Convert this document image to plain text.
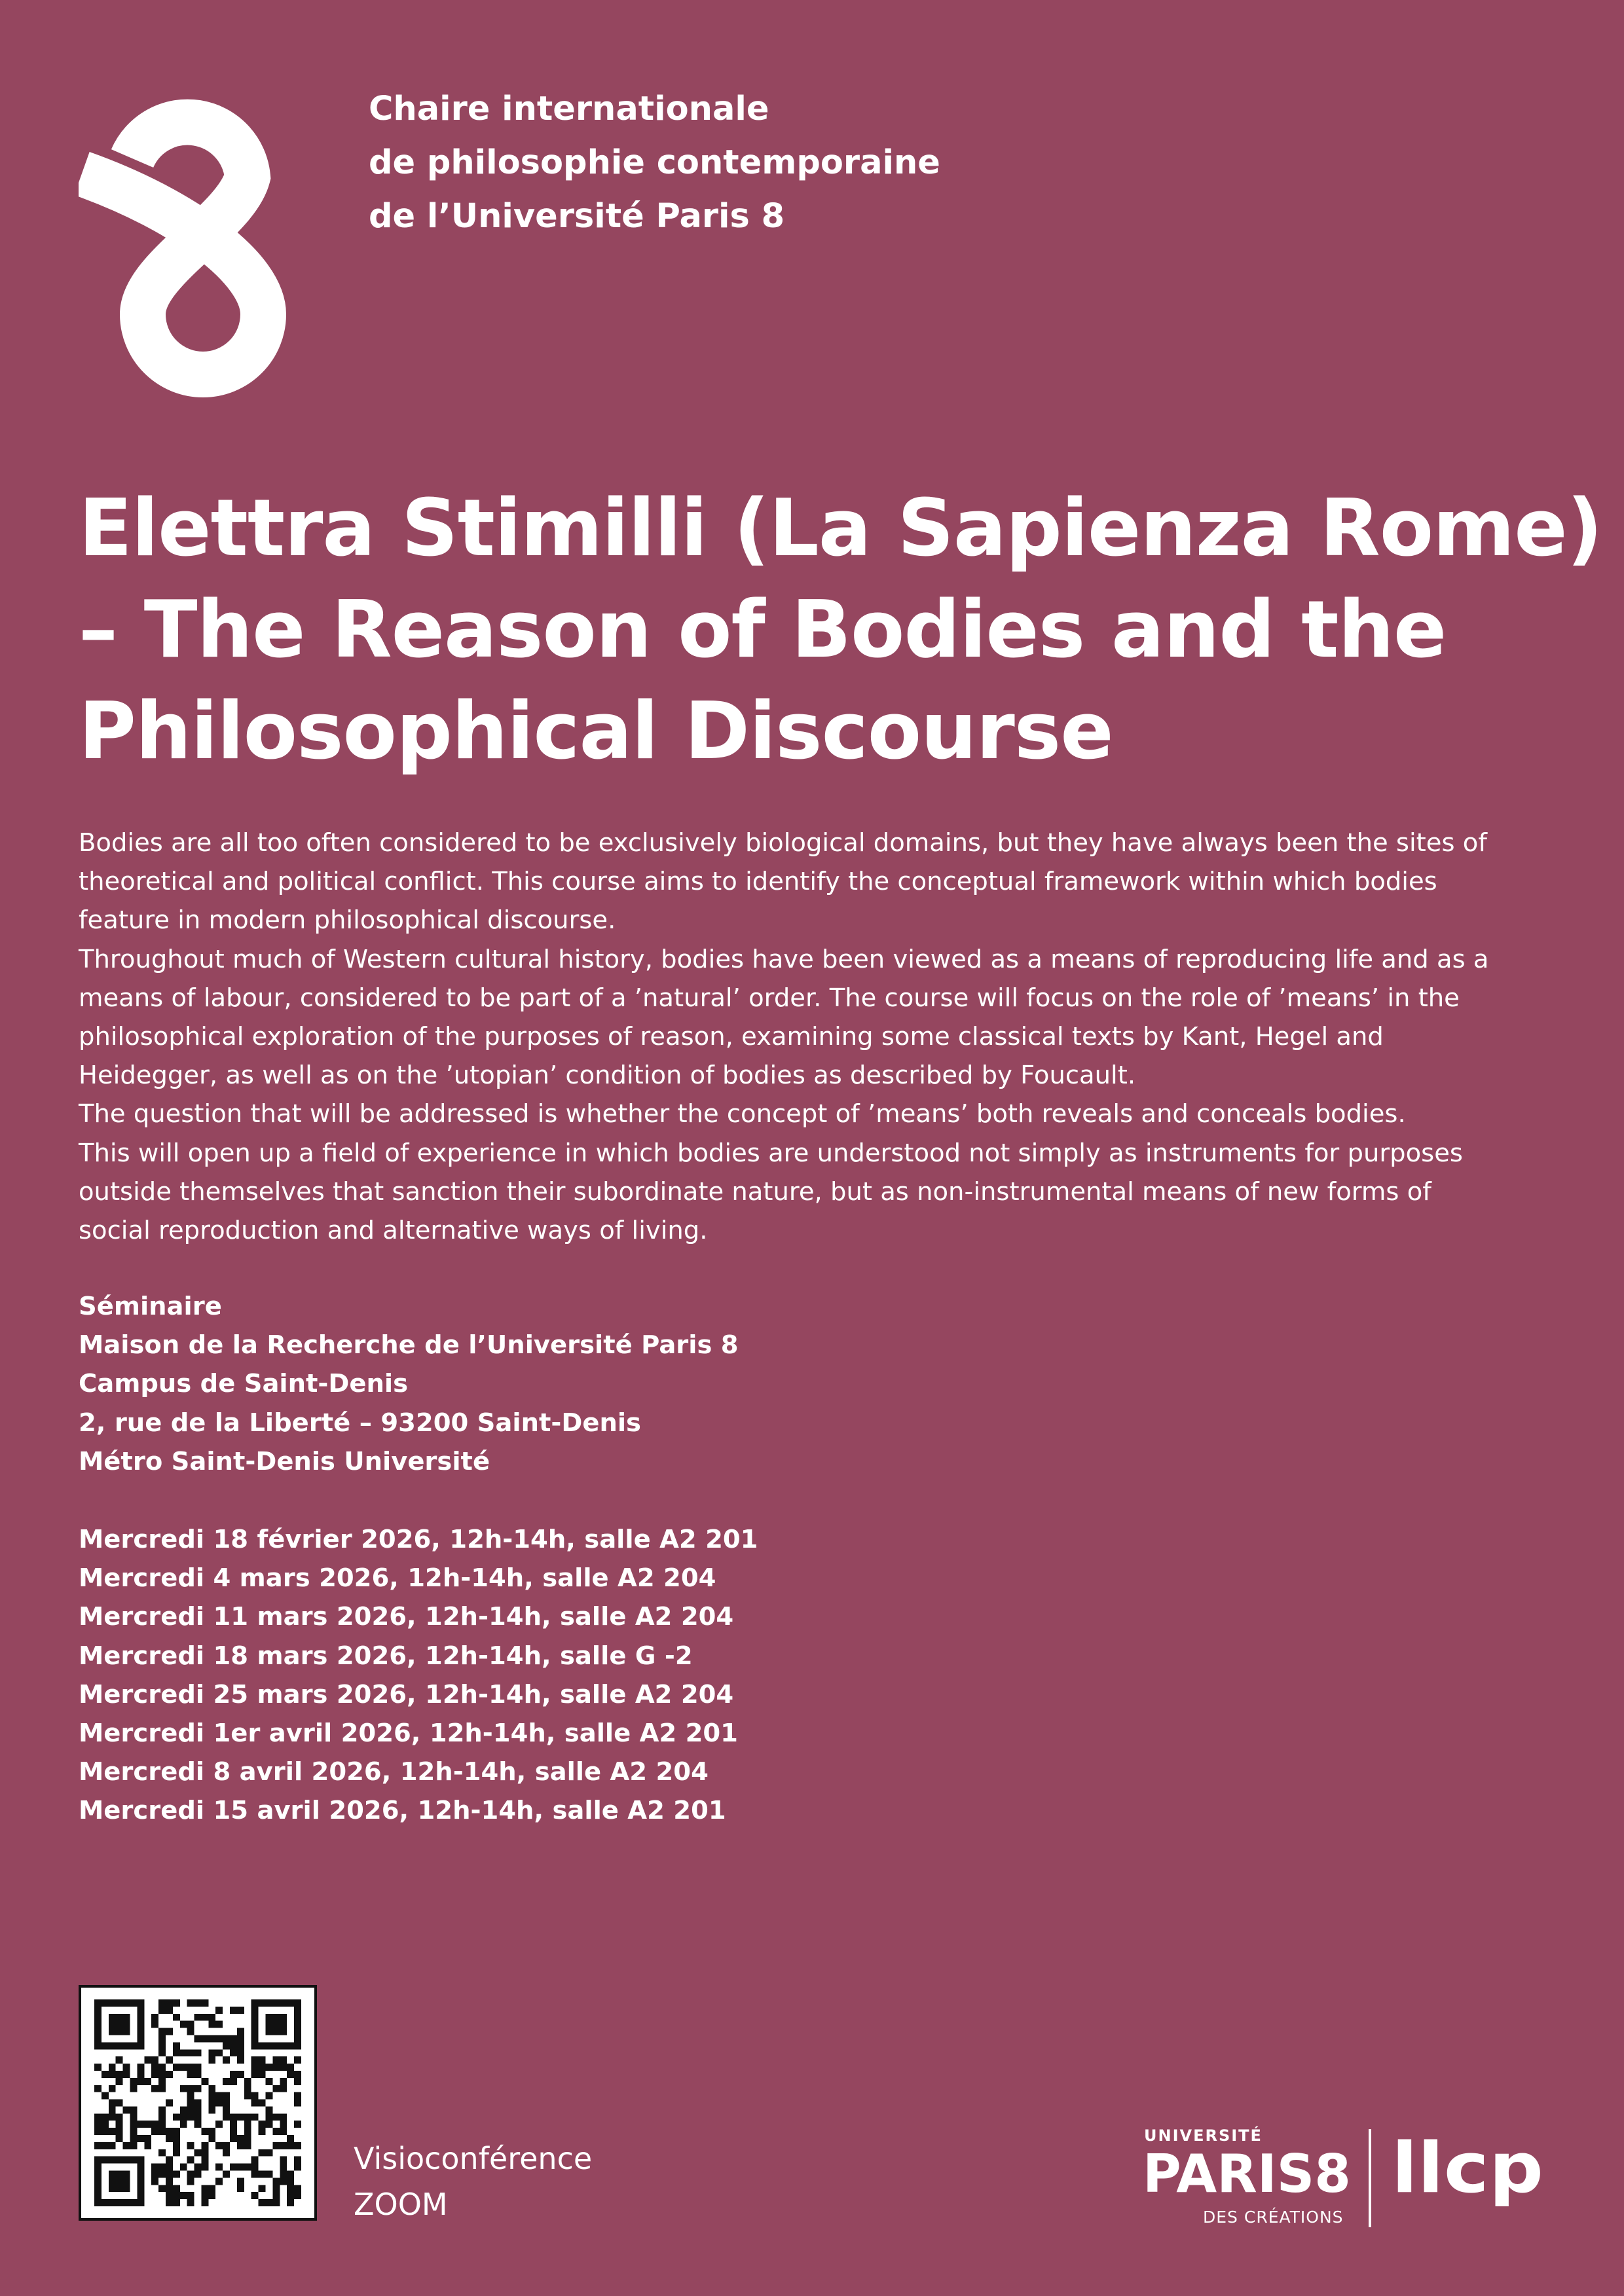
Chaire internationale
de philosophie contemporaine
de l’Université Paris 8
Elettra Stimilli (La Sapienza Rome)
– The Reason of Bodies and the
Philosophical Discourse
Bodies are all too often considered to be exclusively biological domains, but they have always been the sites of
theoretical and political conflict. This course aims to identify the conceptual framework within which bodies
feature in modern philosophical discourse.
Throughout much of Western cultural history, bodies have been viewed as a means of reproducing life and as a
means of labour, considered to be part of a ’natural’ order. The course will focus on the role of ’means’ in the
philosophical exploration of the purposes of reason, examining some classical texts by Kant, Hegel and
Heidegger, as well as on the ’utopian’ condition of bodies as described by Foucault.
The question that will be addressed is whether the concept of ’means’ both reveals and conceals bodies.
This will open up a field of experience in which bodies are understood not simply as instruments for purposes
outside themselves that sanction their subordinate nature, but as non-instrumental means of new forms of
social reproduction and alternative ways of living.
Séminaire
Maison de la Recherche de l’Université Paris 8
Campus de Saint-Denis
2, rue de la Liberté – 93200 Saint-Denis
Métro Saint-Denis Université
Mercredi 18 février 2026, 12h-14h, salle A2 201
Mercredi 4 mars 2026, 12h-14h, salle A2 204
Mercredi 11 mars 2026, 12h-14h, salle A2 204
Mercredi 18 mars 2026, 12h-14h, salle G -2
Mercredi 25 mars 2026, 12h-14h, salle A2 204
Mercredi 1er avril 2026, 12h-14h, salle A2 201
Mercredi 8 avril 2026, 12h-14h, salle A2 204
Mercredi 15 avril 2026, 12h-14h, salle A2 201
Visioconférence
ZOOM
UNIVERSITÉ
PARIS8
DES CRÉATIONS
llcp
